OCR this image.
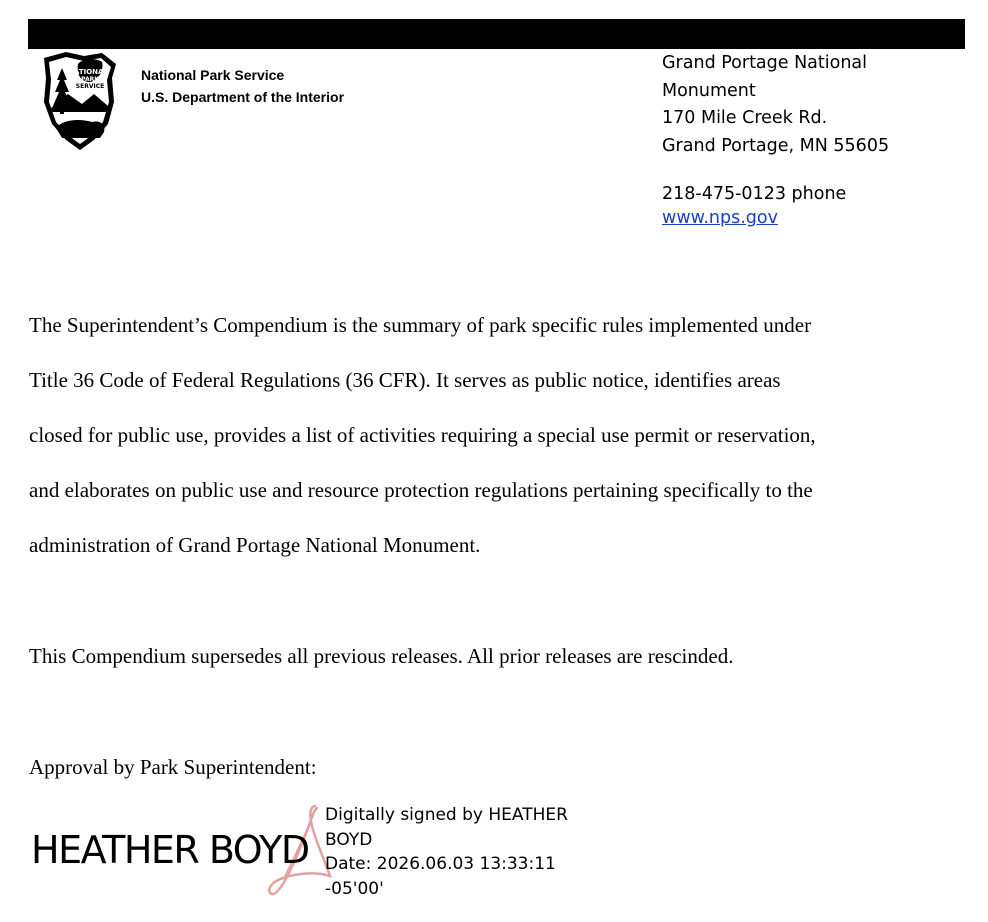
NATIONAL
PARK
SERVICE
National Park Service
U.S. Department of the Interior
Grand Portage National
Monument
170 Mile Creek Rd.
Grand Portage, MN 55605
218-475-0123 phone
www.nps.gov
The Superintendent’s Compendium is the summary of park specific rules implemented under
Title 36 Code of Federal Regulations (36 CFR). It serves as public notice, identifies areas
closed for public use, provides a list of activities requiring a special use permit or reservation,
and elaborates on public use and resource protection regulations pertaining specifically to the
administration of Grand Portage National Monument.

This Compendium supersedes all previous releases. All prior releases are rescinded.

Approval by Park Superintendent:

HEATHER BOYD
Digitally signed by HEATHER
BOYD
Date: 2026.06.03 13:33:11
-05'00'
